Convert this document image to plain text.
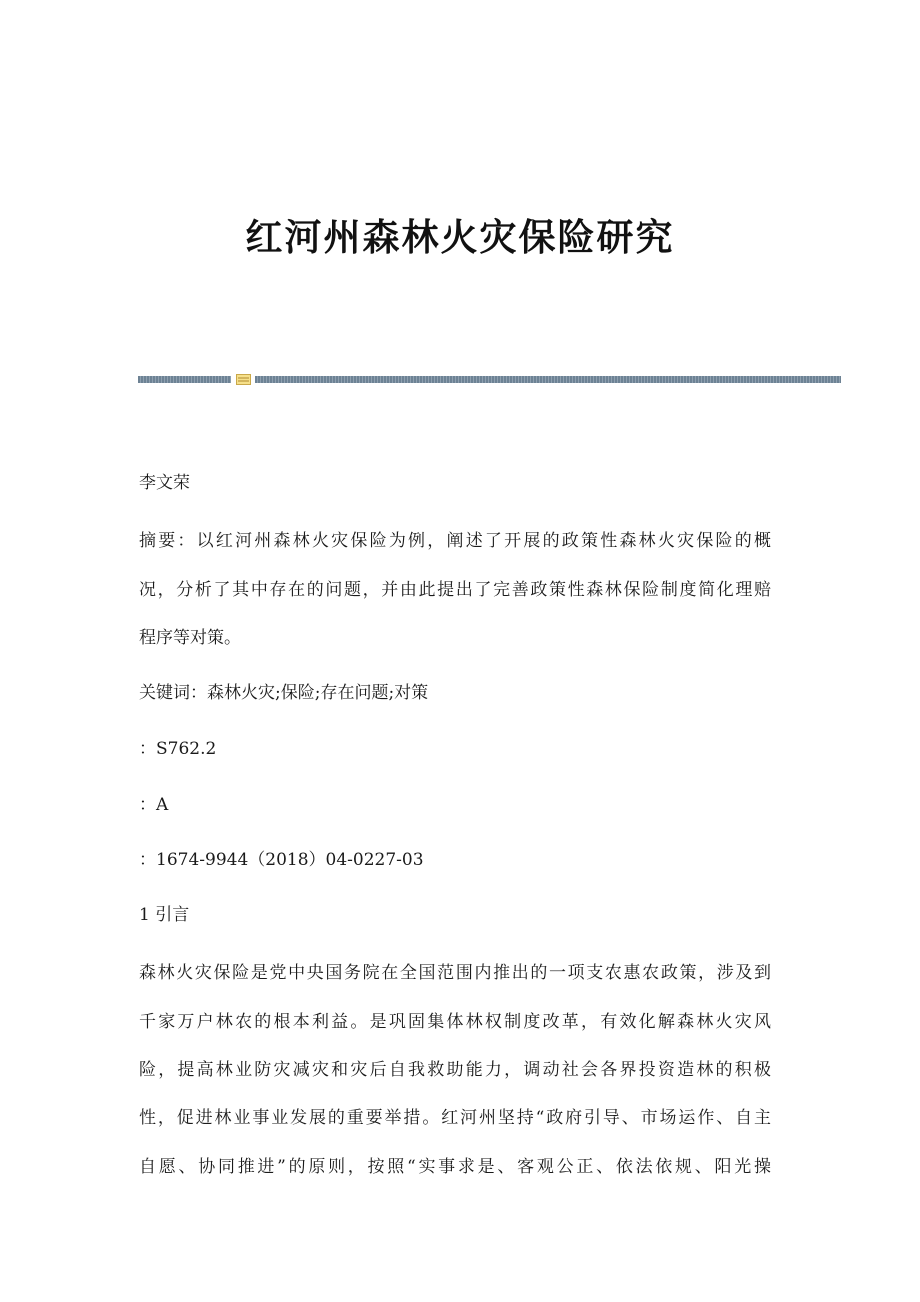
红河州森林火灾保险研究
李文荣
摘要：以红河州森林火灾保险为例，阐述了开展的政策性森林火灾保险的概
况，分析了其中存在的问题，并由此提出了完善政策性森林保险制度简化理赔
程序等对策。
关键词：森林火灾;保险;存在问题;对策
：S762.2
：A
：1674-9944（2018）04-0227-03
1 引言
森林火灾保险是党中央国务院在全国范围内推出的一项支农惠农政策，涉及到
千家万户林农的根本利益。是巩固集体林权制度改革，有效化解森林火灾风
险，提高林业防灾减灾和灾后自我救助能力，调动社会各界投资造林的积极
性，促进林业事业发展的重要举措。红河州坚持“政府引导、市场运作、自主
自愿、协同推进”的原则，按照“实事求是、客观公正、依法依规、阳光操
